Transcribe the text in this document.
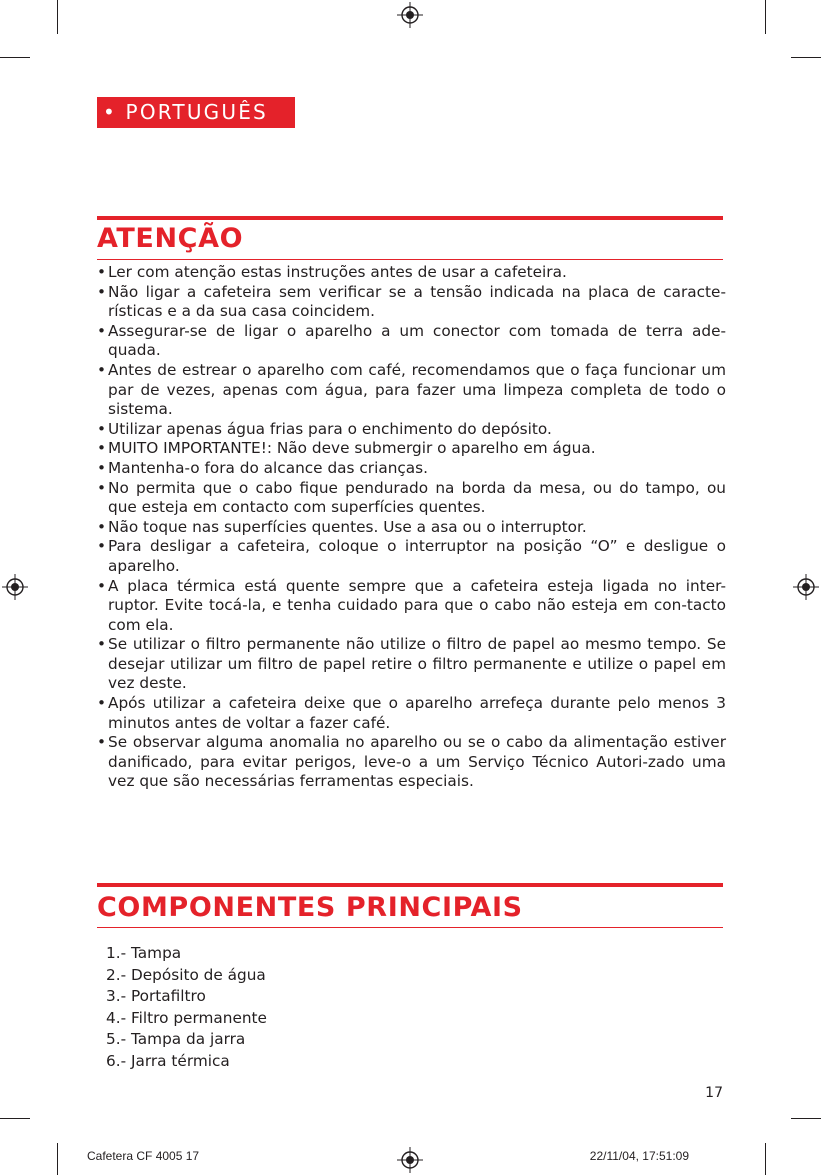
• PORTUGUÊS
ATENÇÃO
• Ler com atenção estas instruções antes de usar a cafeteira.
• Não ligar a cafeteira sem verificar se a tensão indicada na placa de caracte-rísticas e a da sua casa coincidem.
• Assegurar-se de ligar o aparelho a um conector com tomada de terra ade-quada.
• Antes de estrear o aparelho com café, recomendamos que o faça funcionar um par de vezes, apenas com água, para fazer uma limpeza completa de todo o sistema.
• Utilizar apenas água frias para o enchimento do depósito.
• MUITO IMPORTANTE!: Não deve submergir o aparelho em água.
• Mantenha-o fora do alcance das crianças.
• No permita que o cabo fique pendurado na borda da mesa, ou do tampo, ou que esteja em contacto com superfícies quentes.
• Não toque nas superfícies quentes. Use a asa ou o interruptor.
• Para desligar a cafeteira, coloque o interruptor na posição “O” e desligue o aparelho.
• A placa térmica está quente sempre que a cafeteira esteja ligada no inter-ruptor. Evite tocá-la, e tenha cuidado para que o cabo não esteja em con-tacto com ela.
• Se utilizar o filtro permanente não utilize o filtro de papel ao mesmo tempo. Se desejar utilizar um filtro de papel retire o filtro permanente e utilize o papel em vez deste.
• Após utilizar a cafeteira deixe que o aparelho arrefeça durante pelo menos 3 minutos antes de voltar a fazer café.
• Se observar alguma anomalia no aparelho ou se o cabo da alimentação estiver danificado, para evitar perigos, leve-o a um Serviço Técnico Autori-zado uma vez que são necessárias ferramentas especiais.
COMPONENTES PRINCIPAIS
1.- Tampa
2.- Depósito de água
3.- Portafiltro
4.- Filtro permanente
5.- Tampa da jarra
6.- Jarra térmica
17
Cafetera CF 4005 17	22/11/04, 17:51:09
